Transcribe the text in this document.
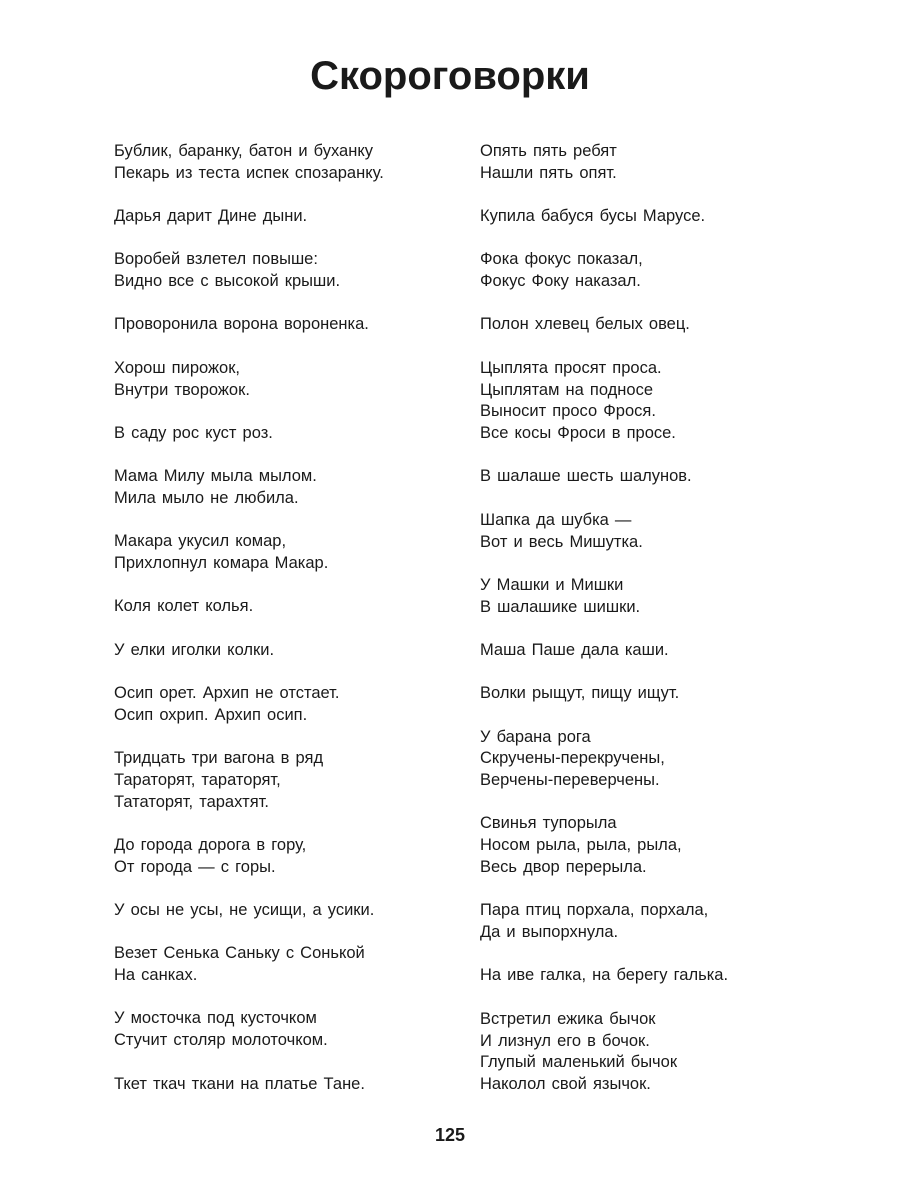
Скороговорки
Бублик, баранку, батон и буханку
Пекарь из теста испек спозаранку.
Дарья дарит Дине дыни.
Воробей взлетел повыше:
Видно все с высокой крыши.
Проворонила ворона вороненка.
Хорош пирожок,
Внутри творожок.
В саду рос куст роз.
Мама Милу мыла мылом.
Мила мыло не любила.
Макара укусил комар,
Прихлопнул комара Макар.
Коля колет колья.
У елки иголки колки.
Осип орет. Архип не отстает.
Осип охрип. Архип осип.
Тридцать три вагона в ряд
Тараторят, тараторят,
Тататорят, тарахтят.
До города дорога в гору,
От города — с горы.
У осы не усы, не усищи, а усики.
Везет Сенька Саньку с Сонькой
На санках.
У мосточка под кусточком
Стучит столяр молоточком.
Ткет ткач ткани на платье Тане.
Опять пять ребят
Нашли пять опят.
Купила бабуся бусы Марусе.
Фока фокус показал,
Фокус Фоку наказал.
Полон хлевец белых овец.
Цыплята просят проса.
Цыплятам на подносе
Выносит просо Фрося.
Все косы Фроси в просе.
В шалаше шесть шалунов.
Шапка да шубка —
Вот и весь Мишутка.
У Машки и Мишки
В шалашике шишки.
Маша Паше дала каши.
Волки рыщут, пищу ищут.
У барана рога
Скручены-перекручены,
Верчены-переверчены.
Свинья тупорыла
Носом рыла, рыла, рыла,
Весь двор перерыла.
Пара птиц порхала, порхала,
Да и выпорхнула.
На иве галка, на берегу галька.
Встретил ежика бычок
И лизнул его в бочок.
Глупый маленький бычок
Наколол свой язычок.
125
